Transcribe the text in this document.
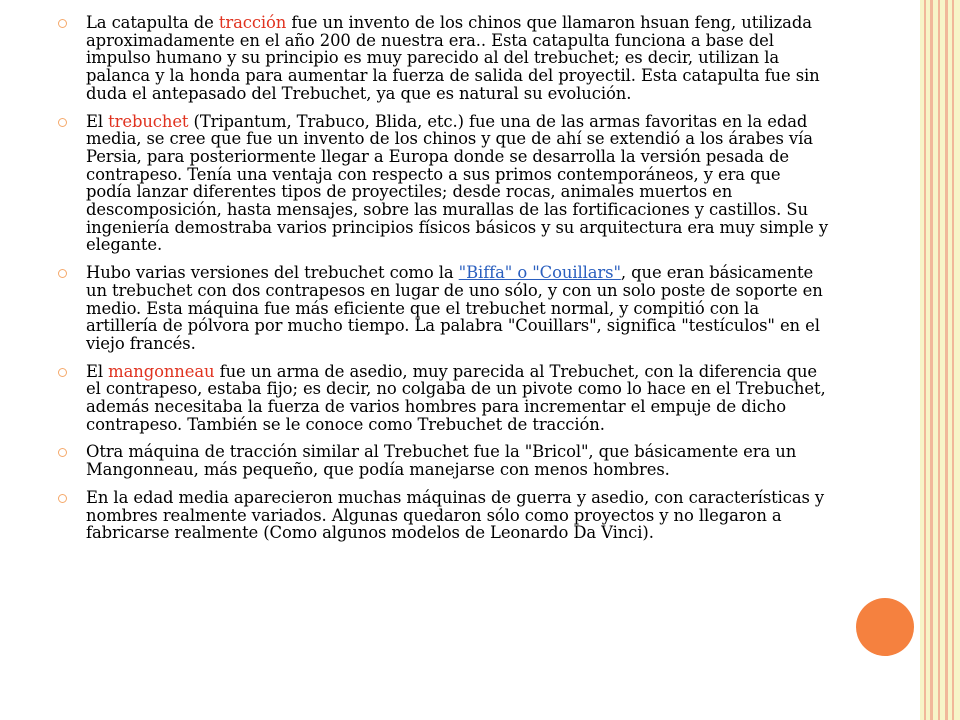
La catapulta de tracción fue un invento de los chinos que llamaron hsuan feng, utilizada aproximadamente en el año 200 de nuestra era.. Esta catapulta funciona a base del impulso humano y su principio es muy parecido al del trebuchet; es decir, utilizan la palanca y la honda para aumentar la fuerza de salida del proyectil. Esta catapulta fue sin duda el antepasado del Trebuchet, ya que es natural su evolución.
El trebuchet (Tripantum, Trabuco, Blida, etc.) fue una de las armas favoritas en la edad media, se cree que fue un invento de los chinos y que de ahí se extendió a los árabes vía Persia, para posteriormente llegar a Europa donde se desarrolla la versión pesada de contrapeso. Tenía una ventaja con respecto a sus primos contemporáneos, y era que podía lanzar diferentes tipos de proyectiles; desde rocas, animales muertos en descomposición, hasta mensajes, sobre las murallas de las fortificaciones y castillos. Su ingeniería demostraba varios principios físicos básicos y su arquitectura era muy simple y elegante.
Hubo varias versiones del trebuchet como la "Biffa" o "Couillars", que eran básicamente un trebuchet con dos contrapesos en lugar de uno sólo, y con un solo poste de soporte en medio. Esta máquina fue más eficiente que el trebuchet normal, y compitió con la artillería de pólvora por mucho tiempo. La palabra "Couillars", significa "testículos" en el viejo francés.
El mangonneau fue un arma de asedio, muy parecida al Trebuchet, con la diferencia que el contrapeso, estaba fijo; es decir, no colgaba de un pivote como lo hace en el Trebuchet, además necesitaba la fuerza de varios hombres para incrementar el empuje de dicho contrapeso. También se le conoce como Trebuchet de tracción.
Otra máquina de tracción similar al Trebuchet fue la "Bricol", que básicamente era un Mangonneau, más pequeño, que podía manejarse con menos hombres.
En la edad media aparecieron muchas máquinas de guerra y asedio, con características y nombres realmente variados. Algunas quedaron sólo como proyectos y no llegaron a fabricarse realmente (Como algunos modelos de Leonardo Da Vinci).
